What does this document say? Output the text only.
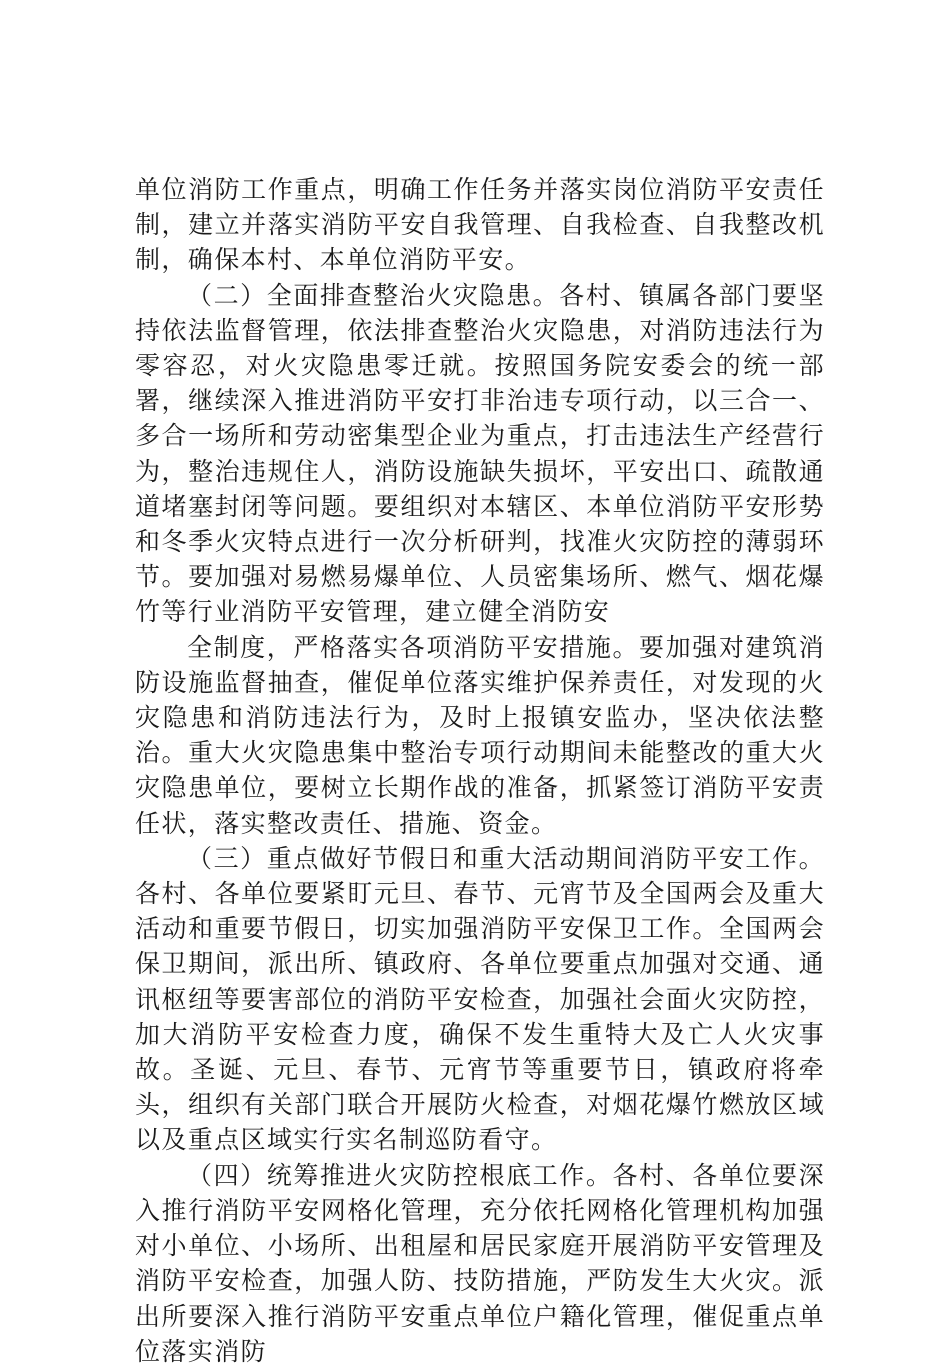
单位消防工作重点，明确工作任务并落实岗位消防平安责任制，建立并落实消防平安自我管理、自我检查、自我整改机制，确保本村、本单位消防平安。

（二）全面排查整治火灾隐患。各村、镇属各部门要坚持依法监督管理，依法排查整治火灾隐患，对消防违法行为零容忍，对火灾隐患零迁就。按照国务院安委会的统一部署，继续深入推进消防平安打非治违专项行动，以三合一、多合一场所和劳动密集型企业为重点，打击违法生产经营行为，整治违规住人，消防设施缺失损坏，平安出口、疏散通道堵塞封闭等问题。要组织对本辖区、本单位消防平安形势和冬季火灾特点进行一次分析研判，找准火灾防控的薄弱环节。要加强对易燃易爆单位、人员密集场所、燃气、烟花爆竹等行业消防平安管理，建立健全消防安

全制度，严格落实各项消防平安措施。要加强对建筑消防设施监督抽查，催促单位落实维护保养责任，对发现的火灾隐患和消防违法行为，及时上报镇安监办，坚决依法整治。重大火灾隐患集中整治专项行动期间未能整改的重大火灾隐患单位，要树立长期作战的准备，抓紧签订消防平安责任状，落实整改责任、措施、资金。

（三）重点做好节假日和重大活动期间消防平安工作。各村、各单位要紧盯元旦、春节、元宵节及全国两会及重大活动和重要节假日，切实加强消防平安保卫工作。全国两会保卫期间，派出所、镇政府、各单位要重点加强对交通、通讯枢纽等要害部位的消防平安检查，加强社会面火灾防控，加大消防平安检查力度，确保不发生重特大及亡人火灾事故。圣诞、元旦、春节、元宵节等重要节日，镇政府将牵头，组织有关部门联合开展防火检查，对烟花爆竹燃放区域以及重点区域实行实名制巡防看守。

（四）统筹推进火灾防控根底工作。各村、各单位要深入推行消防平安网格化管理，充分依托网格化管理机构加强对小单位、小场所、出租屋和居民家庭开展消防平安管理及消防平安检查，加强人防、技防措施，严防发生大火灾。派出所要深入推行消防平安重点单位户籍化管理，催促重点单位落实消防
